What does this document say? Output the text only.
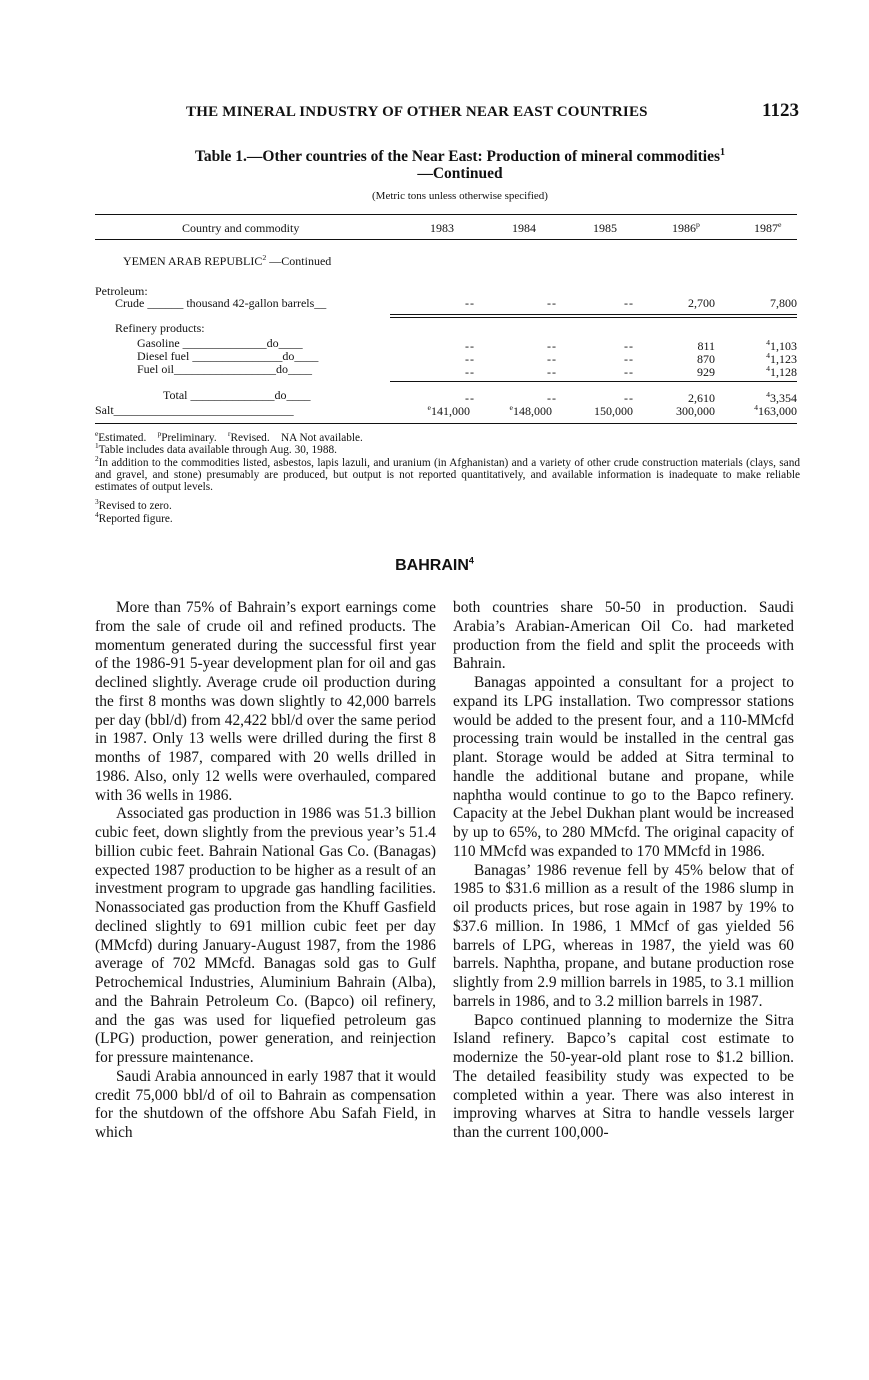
THE MINERAL INDUSTRY OF OTHER NEAR EAST COUNTRIES	1123
Table 1.—Other countries of the Near East: Production of mineral commodities$^1$
—Continued
(Metric tons unless otherwise specified)
Country and commodity	1983	1984	1985	1986$^p$	1987e
YEMEN ARAB REPUBLIC$^2$ —Continued
Petroleum:
Crude ______ thousand 42-gallon barrels__	--	--	--	2,700	7,800
Refinery products:
Gasoline ______________do____	--	--	--	811	$^4$1,103
Diesel fuel _______________do____	--	--	--	870	$^4$1,123
Fuel oil_________________do____	--	--	--	929	$^4$1,128
Total ______________do____	--	--	--	2,610	$^4$3,354
Salt______________________________	$^e$141,000	$^e$148,000	150,000	300,000	$^4$163,000
$^e$Estimated. $^p$Preliminary. $^r$Revised. NA Not available.
$^1$Table includes data available through Aug. 30, 1988.
$^2$In addition to the commodities listed, asbestos, lapis lazuli, and uranium (in Afghanistan) and a variety of other crude construction materials (clays, sand and gravel, and stone) presumably are produced, but output is not reported quantitatively, and available information is inadequate to make reliable estimates of output levels.
$^3$Revised to zero.
$^4$Reported figure.
BAHRAIN$^4$

More than 75% of Bahrain’s export earnings come from the sale of crude oil and refined products. The momentum generated during the successful first year of the 1986-91 5-year development plan for oil and gas declined slightly. Average crude oil production during the first 8 months was down slightly to 42,000 barrels per day (bbl/d) from 42,422 bbl/d over the same period in 1987. Only 13 wells were drilled during the first 8 months of 1987, compared with 20 wells drilled in 1986. Also, only 12 wells were overhauled, compared with 36 wells in 1986.

Associated gas production in 1986 was 51.3 billion cubic feet, down slightly from the previous year’s 51.4 billion cubic feet. Bahrain National Gas Co. (Banagas) expected 1987 production to be higher as a result of an investment program to upgrade gas handling facilities. Nonassociated gas production from the Khuff Gasfield declined slightly to 691 million cubic feet per day (MMcfd) during January-August 1987, from the 1986 average of 702 MMcfd. Banagas sold gas to Gulf Petrochemical Industries, Aluminium Bahrain (Alba), and the Bahrain Petroleum Co. (Bapco) oil refinery, and the gas was used for liquefied petroleum gas (LPG) production, power generation, and reinjection for pressure maintenance.

Saudi Arabia announced in early 1987 that it would credit 75,000 bbl/d of oil to Bahrain as compensation for the shutdown of the offshore Abu Safah Field, in which

both countries share 50-50 in production. Saudi Arabia’s Arabian-American Oil Co. had marketed production from the field and split the proceeds with Bahrain.

Banagas appointed a consultant for a project to expand its LPG installation. Two compressor stations would be added to the present four, and a 110-MMcfd processing train would be installed in the central gas plant. Storage would be added at Sitra terminal to handle the additional butane and propane, while naphtha would continue to go to the Bapco refinery. Capacity at the Jebel Dukhan plant would be increased by up to 65%, to 280 MMcfd. The original capacity of 110 MMcfd was expanded to 170 MMcfd in 1986.

Banagas’ 1986 revenue fell by 45% below that of 1985 to $31.6 million as a result of the 1986 slump in oil products prices, but rose again in 1987 by 19% to $37.6 million. In 1986, 1 MMcf of gas yielded 56 barrels of LPG, whereas in 1987, the yield was 60 barrels. Naphtha, propane, and butane production rose slightly from 2.9 million barrels in 1985, to 3.1 million barrels in 1986, and to 3.2 million barrels in 1987.

Bapco continued planning to modernize the Sitra Island refinery. Bapco’s capital cost estimate to modernize the 50-year-old plant rose to $1.2 billion. The detailed feasibility study was expected to be completed within a year. There was also interest in improving wharves at Sitra to handle vessels larger than the current 100,000-
